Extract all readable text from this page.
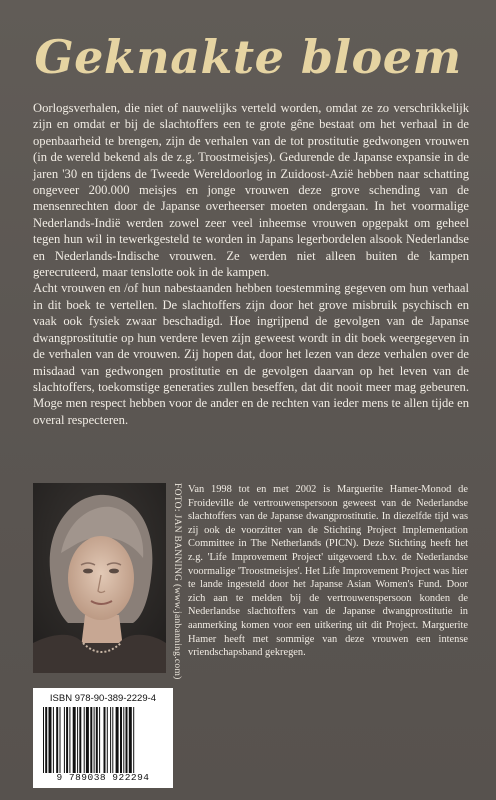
Geknakte bloem

Oorlogsverhalen, die niet of nauwelijks verteld worden, omdat ze zo verschrikkelijk zijn en omdat er bij de slachtoffers een te grote gêne bestaat om het verhaal in de openbaarheid te brengen, zijn de verhalen van de tot prostitutie gedwongen vrouwen (in de wereld bekend als de z.g. Troostmeisjes). Gedurende de Japanse expansie in de jaren '30 en tijdens de Tweede Wereldoorlog in Zuidoost-Azië hebben naar schatting ongeveer 200.000 meisjes en jonge vrouwen deze grove schending van de mensenrechten door de Japanse overheerser moeten ondergaan. In het voormalige Nederlands-Indië werden zowel zeer veel inheemse vrouwen opgepakt om geheel tegen hun wil in tewerkgesteld te worden in Japans legerbordelen alsook Nederlandse en Nederlands-Indische vrouwen. Ze werden niet alleen buiten de kampen gerecruteerd, maar tenslotte ook in de kampen.

Acht vrouwen en /of hun nabestaanden hebben toestemming gegeven om hun verhaal in dit boek te vertellen. De slachtoffers zijn door het grove misbruik psychisch en vaak ook fysiek zwaar beschadigd. Hoe ingrijpend de gevolgen van de Japanse dwangprostitutie op hun verdere leven zijn geweest wordt in dit boek weergegeven in de verhalen van de vrouwen. Zij hopen dat, door het lezen van deze verhalen over de misdaad van gedwongen prostitutie en de gevolgen daarvan op het leven van de slachtoffers, toekomstige generaties zullen beseffen, dat dit nooit meer mag gebeuren. Moge men respect hebben voor de ander en de rechten van ieder mens te allen tijde en overal respecteren.

FOTO: JAN BANNING (www.janbanning.com) Van 1998 tot en met 2002 is Marguerite Hamer-Monod de Froideville de vertrouwenspersoon geweest van de Nederlandse slachtoffers van de Japanse dwangprostitutie. In diezelfde tijd was zij ook de voorzitter van de Stichting Project Implementation Committee in The Netherlands (PICN). Deze Stichting heeft het z.g. 'Life Improvement Project' uitgevoerd t.b.v. de Nederlandse voormalige 'Troostmeisjes'. Het Life Improvement Project was hier te lande ingesteld door het Japanse Asian Women's Fund. Door zich aan te melden bij de vertrouwenspersoon konden de Nederlandse slachtoffers van de Japanse dwangprostitutie in aanmerking komen voor een uitkering uit dit Project. Marguerite Hamer heeft met sommige van deze vrouwen een intense vriendschapsband gekregen.
ISBN 978-90-389-2229-4
9 789038 922294
